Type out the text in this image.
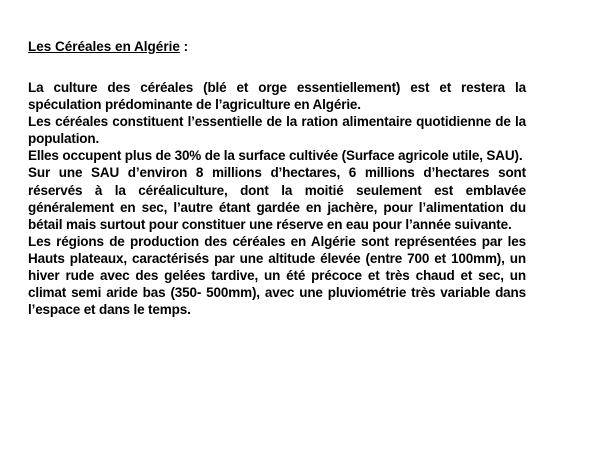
Les Céréales en Algérie :

La culture des céréales (blé et orge essentiellement) est et restera la spéculation prédominante de l’agriculture en Algérie.

Les céréales constituent l’essentielle de la ration alimentaire quotidienne de la population.

Elles occupent plus de 30% de la surface cultivée (Surface agricole utile, SAU).

Sur une SAU d’environ 8 millions d’hectares, 6 millions d’hectares sont réservés à la céréaliculture, dont la moitié seulement est emblavée généralement en sec, l’autre étant gardée en jachère, pour l’alimentation du bétail mais surtout pour constituer une réserve en eau pour l’année suivante.

Les régions de production des céréales en Algérie sont représentées par les Hauts plateaux, caractérisés par une altitude élevée (entre 700 et 100mm), un hiver rude avec des gelées tardive, un été précoce et très chaud et sec, un climat semi aride bas (350- 500mm), avec une pluviométrie très variable dans l’espace et dans le temps.
